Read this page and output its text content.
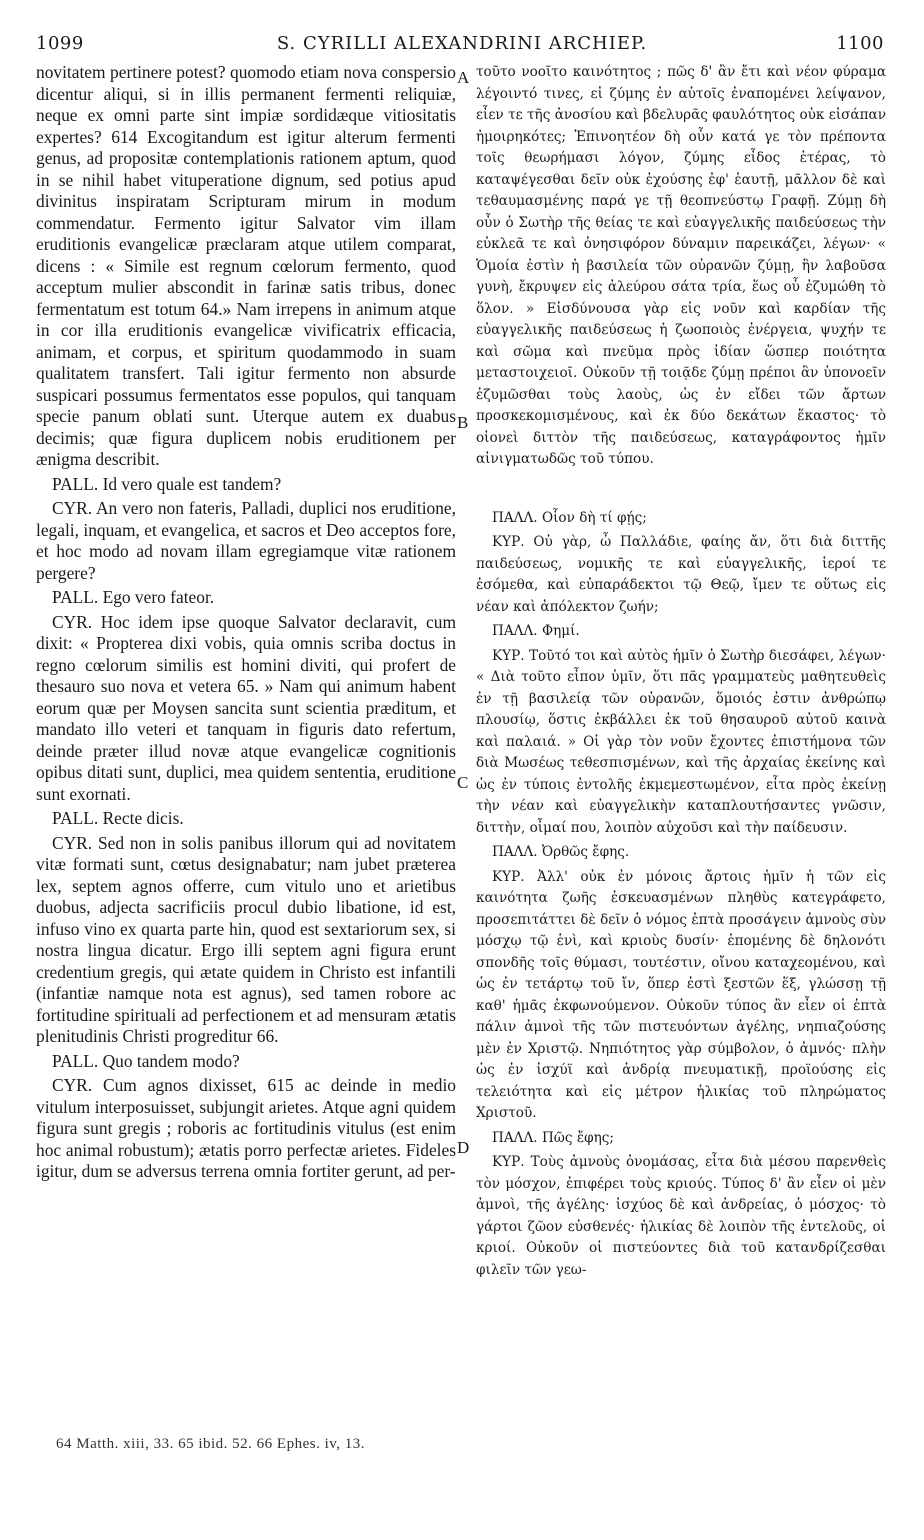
1099	S. CYRILLI ALEXANDRINI ARCHIEP.	1100

novitatem pertinere potest? quomodo etiam nova conspersio dicentur aliqui, si in illis permanent fermenti reliquiæ, neque ex omni parte sint impiæ sordidæque vitiositatis expertes? 614 Excogitandum est igitur alterum fermenti genus, ad propositæ contemplationis rationem aptum, quod in se nihil habet vituperatione dignum, sed potius apud divinitus inspiratam Scripturam mirum in modum commendatur. Fermento igitur Salvator vim illam eruditionis evangelicæ præclaram atque utilem comparat, dicens : « Simile est regnum cœlorum fermento, quod acceptum mulier abscondit in farinæ satis tribus, donec fermentatum est totum 64.» Nam irrepens in animum atque in cor illa eruditionis evangelicæ vivificatrix efficacia, animam, et corpus, et spiritum quodammodo in suam qualitatem transfert. Tali igitur fermento non absurde suspicari possumus fermentatos esse populos, qui tanquam specie panum oblati sunt. Uterque autem ex duabus decimis; quæ figura duplicem nobis eruditionem per ænigma describit.

PALL. Id vero quale est tandem?

CYR. An vero non fateris, Palladi, duplici nos eruditione, legali, inquam, et evangelica, et sacros et Deo acceptos fore, et hoc modo ad novam illam egregiamque vitæ rationem pergere?

PALL. Ego vero fateor.

CYR. Hoc idem ipse quoque Salvator declaravit, cum dixit: « Propterea dixi vobis, quia omnis scriba doctus in regno cœlorum similis est homini diviti, qui profert de thesauro suo nova et vetera 65. » Nam qui animum habent eorum quæ per Moysen sancita sunt scientia præditum, et mandato illo veteri et tanquam in figuris dato refertum, deinde præter illud novæ atque evangelicæ cognitionis opibus ditati sunt, duplici, mea quidem sententia, eruditione sunt exornati.

PALL. Recte dicis.

CYR. Sed non in solis panibus illorum qui ad novitatem vitæ formati sunt, cœtus designabatur; nam jubet præterea lex, septem agnos offerre, cum vitulo uno et arietibus duobus, adjecta sacrificiis procul dubio libatione, id est, infuso vino ex quarta parte hin, quod est sextariorum sex, si nostra lingua dicatur. Ergo illi septem agni figura erunt credentium gregis, qui ætate quidem in Christo est infantili (infantiæ namque nota est agnus), sed tamen robore ac fortitudine spirituali ad perfectionem et ad mensuram ætatis plenitudinis Christi progreditur 66.

PALL. Quo tandem modo?

CYR. Cum agnos dixisset, 615 ac deinde in medio vitulum interposuisset, subjungit arietes. Atque agni quidem figura sunt gregis ; roboris ac fortitudinis vitulus (est enim hoc animal robustum); ætatis porro perfectæ arietes. Fideles igitur, dum se adversus terrena omnia fortiter gerunt, ad per-

A
B
C
D

τοῦτο νοοῖτο καινότητος ; πῶς δ' ἂν ἔτι καὶ νέον φύραμα λέγοιντό τινες, εἰ ζύμης ἐν αὐτοῖς ἐναπομένει λείψανον, εἶεν τε τῆς ἀνοσίου καὶ βδελυρᾶς φαυλότητος οὐκ εἰσάπαν ἠμοιρηκότες; Ἐπινοητέον δὴ οὖν κατά γε τὸν πρέποντα τοῖς θεωρήμασι λόγον, ζύμης εἶδος ἑτέρας, τὸ καταψέγεσθαι δεῖν οὐκ ἐχούσης ἐφ' ἑαυτῇ, μᾶλλον δὲ καὶ τεθαυμασμένης παρά γε τῇ θεοπνεύστῳ Γραφῇ. Ζύμῃ δὴ οὖν ὁ Σωτὴρ τῆς θείας τε καὶ εὐαγγελικῆς παιδεύσεως τὴν εὐκλεᾶ τε καὶ ὀνησιφόρον δύναμιν παρεικάζει, λέγων· « Ὁμοία ἐστὶν ἡ βασιλεία τῶν οὐρανῶν ζύμῃ, ἣν λαβοῦσα γυνὴ, ἔκρυψεν εἰς ἀλεύρου σάτα τρία, ἕως οὗ ἐζυμώθη τὸ ὅλον. » Εἰσδύνουσα γὰρ εἰς νοῦν καὶ καρδίαν τῆς εὐαγγελικῆς παιδεύσεως ἡ ζωοποιὸς ἐνέργεια, ψυχήν τε καὶ σῶμα καὶ πνεῦμα πρὸς ἰδίαν ὥσπερ ποιότητα μεταστοιχειοῖ. Οὐκοῦν τῇ τοιᾷδε ζύμῃ πρέποι ἂν ὑπονοεῖν ἐζυμῶσθαι τοὺς λαοὺς, ὡς ἐν εἴδει τῶν ἄρτων προσκεκομισμένους, καὶ ἐκ δύο δεκάτων ἕκαστος· τὸ οἱονεὶ διττὸν τῆς παιδεύσεως, καταγράφοντος ἡμῖν αἰνιγματωδῶς τοῦ τύπου.

ΠΑΛΛ. Οἷον δὴ τί φῄς;

ΚΥΡ. Οὐ γὰρ, ὦ Παλλάδιε, φαίης ἄν, ὅτι διὰ διττῆς παιδεύσεως, νομικῆς τε καὶ εὐαγγελικῆς, ἱεροί τε ἐσόμεθα, καὶ εὐπαράδεκτοι τῷ Θεῷ, ἴμεν τε οὕτως εἰς νέαν καὶ ἀπόλεκτον ζωήν;

ΠΑΛΛ. Φημί.

ΚΥΡ. Τοῦτό τοι καὶ αὐτὸς ἡμῖν ὁ Σωτὴρ διεσάφει, λέγων· « Διὰ τοῦτο εἶπον ὑμῖν, ὅτι πᾶς γραμματεὺς μαθητευθεὶς ἐν τῇ βασιλείᾳ τῶν οὐρανῶν, ὅμοιός ἐστιν ἀνθρώπῳ πλουσίῳ, ὅστις ἐκβάλλει ἐκ τοῦ θησαυροῦ αὐτοῦ καινὰ καὶ παλαιά. » Οἱ γὰρ τὸν νοῦν ἔχοντες ἐπιστήμονα τῶν διὰ Μωσέως τεθεσπισμένων, καὶ τῆς ἀρχαίας ἐκείνης καὶ ὡς ἐν τύποις ἐντολῆς ἐκμεμεστωμένον, εἶτα πρὸς ἐκείνῃ τὴν νέαν καὶ εὐαγγελικὴν καταπλουτήσαντες γνῶσιν, διττὴν, οἶμαί που, λοιπὸν αὐχοῦσι καὶ τὴν παίδευσιν.

ΠΑΛΛ. Ὀρθῶς ἔφης.

ΚΥΡ. Ἀλλ' οὐκ ἐν μόνοις ἄρτοις ἡμῖν ἡ τῶν εἰς καινότητα ζωῆς ἐσκευασμένων πληθὺς κατεγράφετο, προσεπιτάττει δὲ δεῖν ὁ νόμος ἑπτὰ προσάγειν ἀμνοὺς σὺν μόσχῳ τῷ ἑνὶ, καὶ κριοὺς δυσίν· ἑπομένης δὲ δηλονότι σπονδῆς τοῖς θύμασι, τουτέστιν, οἴνου καταχεομένου, καὶ ὡς ἐν τετάρτῳ τοῦ ἴν, ὅπερ ἐστὶ ξεστῶν ἕξ, γλώσσῃ τῇ καθ' ἡμᾶς ἐκφωνούμενον. Οὐκοῦν τύπος ἂν εἶεν οἱ ἑπτὰ πάλιν ἀμνοὶ τῆς τῶν πιστευόντων ἀγέλης, νηπιαζούσης μὲν ἐν Χριστῷ. Νηπιότητος γὰρ σύμβολον, ὁ ἀμνός· πλὴν ὡς ἐν ἰσχύϊ καὶ ἀνδρίᾳ πνευματικῇ, προϊούσης εἰς τελειότητα καὶ εἰς μέτρον ἡλικίας τοῦ πληρώματος Χριστοῦ.

ΠΑΛΛ. Πῶς ἔφης;

ΚΥΡ. Τοὺς ἀμνοὺς ὀνομάσας, εἶτα διὰ μέσου παρενθεὶς τὸν μόσχον, ἐπιφέρει τοὺς κριούς. Τύπος δ' ἂν εἶεν οἱ μὲν ἀμνοὶ, τῆς ἀγέλης· ἰσχύος δὲ καὶ ἀνδρείας, ὁ μόσχος· τὸ γάρτοι ζῶον εὐσθενές· ἡλικίας δὲ λοιπὸν τῆς ἐντελοῦς, οἱ κριοί. Οὐκοῦν οἱ πιστεύοντες διὰ τοῦ κατανδρίζεσθαι φιλεῖν τῶν γεω-

64 Matth. xiii, 33. 65 ibid. 52. 66 Ephes. iv, 13.
